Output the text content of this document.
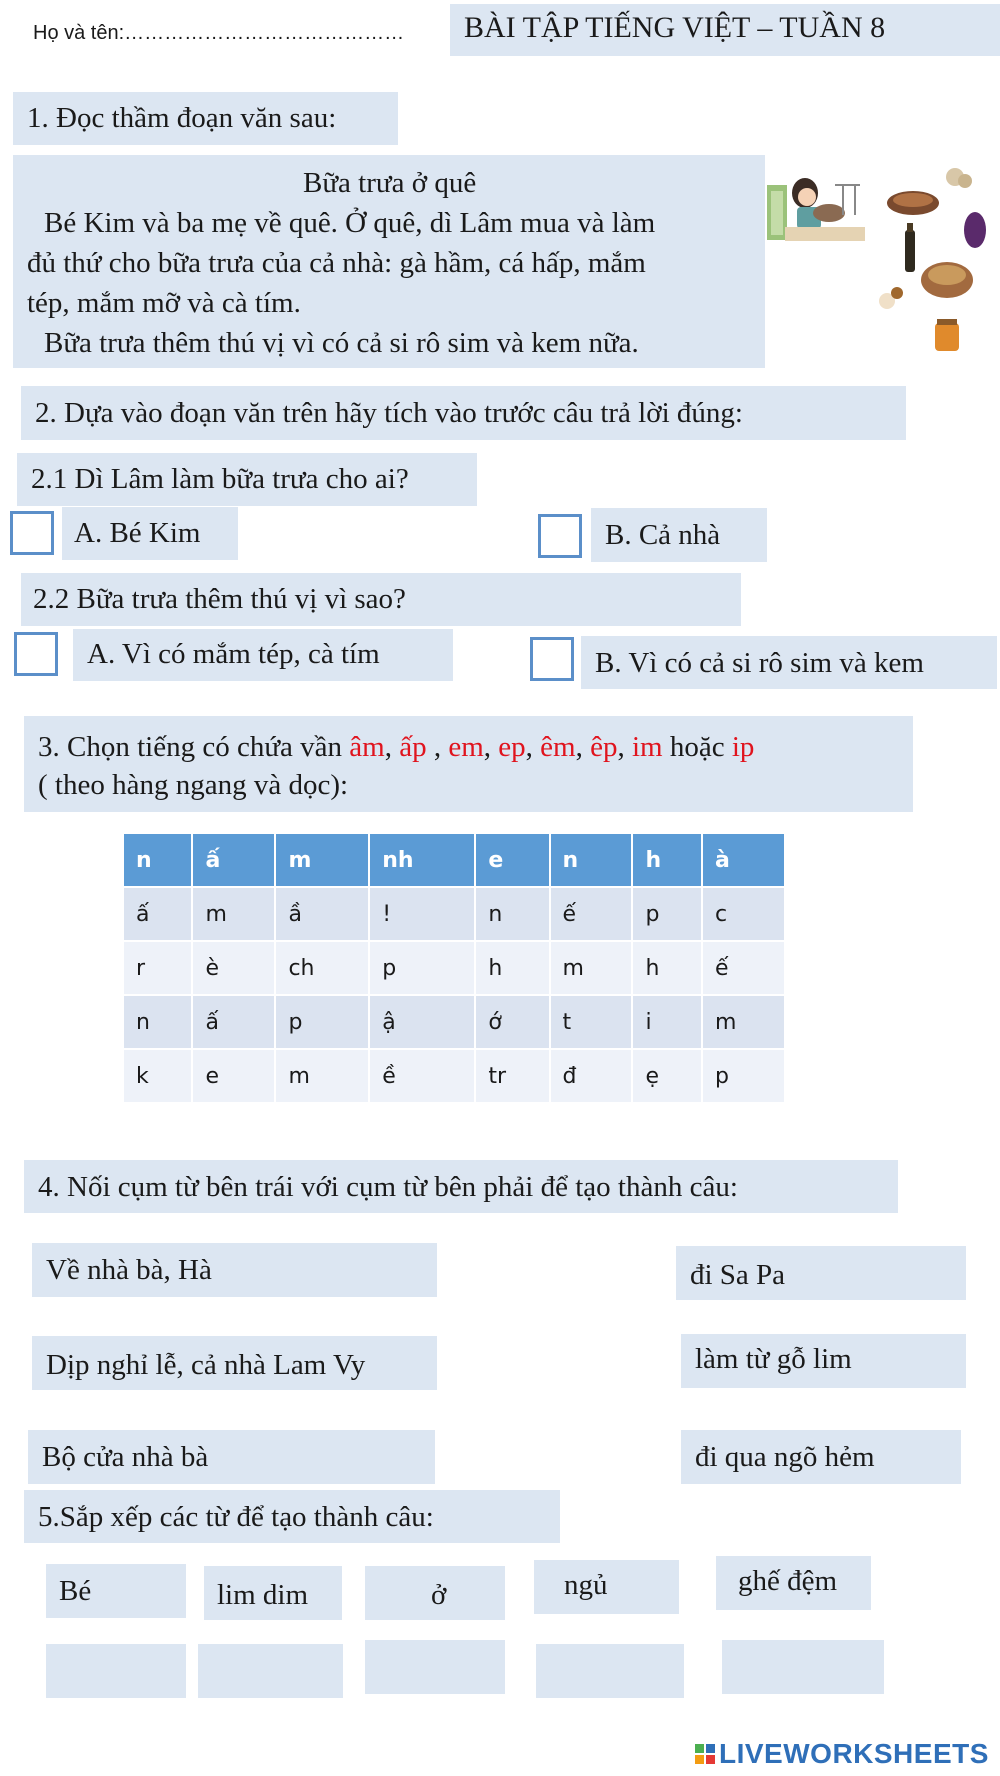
Họ và tên:……………………………………	BÀI TẬP TIẾNG VIỆT – TUẦN 8
1. Đọc thầm đoạn văn sau:
Bữa trưa ở quê
Bé Kim và ba mẹ về quê. Ở quê, dì Lâm mua và làm
đủ thứ cho bữa trưa của cả nhà: gà hầm, cá hấp, mắm
tép, mắm mỡ và cà tím.
Bữa trưa thêm thú vị vì có cả si rô sim và kem nữa.
2. Dựa vào đoạn văn trên hãy tích vào trước câu trả lời đúng:
2.1 Dì Lâm làm bữa trưa cho ai?
A. Bé Kim	B. Cả nhà
2.2 Bữa trưa thêm thú vị vì sao?
A. Vì có mắm tép, cà tím	B. Vì có cả si rô sim và kem
3. Chọn tiếng có chứa vần âm, ấp , em, ep, êm, êp, im hoặc ip
( theo hàng ngang và dọc):
n	ấ	m	nh	e	n	h	à
ấ	m	ầ	!	n	ế	p	c
r	è	ch	p	h	m	h	ế
n	ấ	p	ậ	ớ	t	i	m
k	e	m	ề	tr	đ	ẹ	p
4. Nối cụm từ bên trái với cụm từ bên phải để tạo thành câu:
Về nhà bà, Hà	đi Sa Pa
Dịp nghỉ lễ, cả nhà Lam Vy	làm từ gỗ lim
Bộ cửa nhà bà	đi qua ngõ hẻm
5.Sắp xếp các từ để tạo thành câu:
Bé	lim dim	ở	ngủ	ghế đệm
LIVEWORKSHEETS
